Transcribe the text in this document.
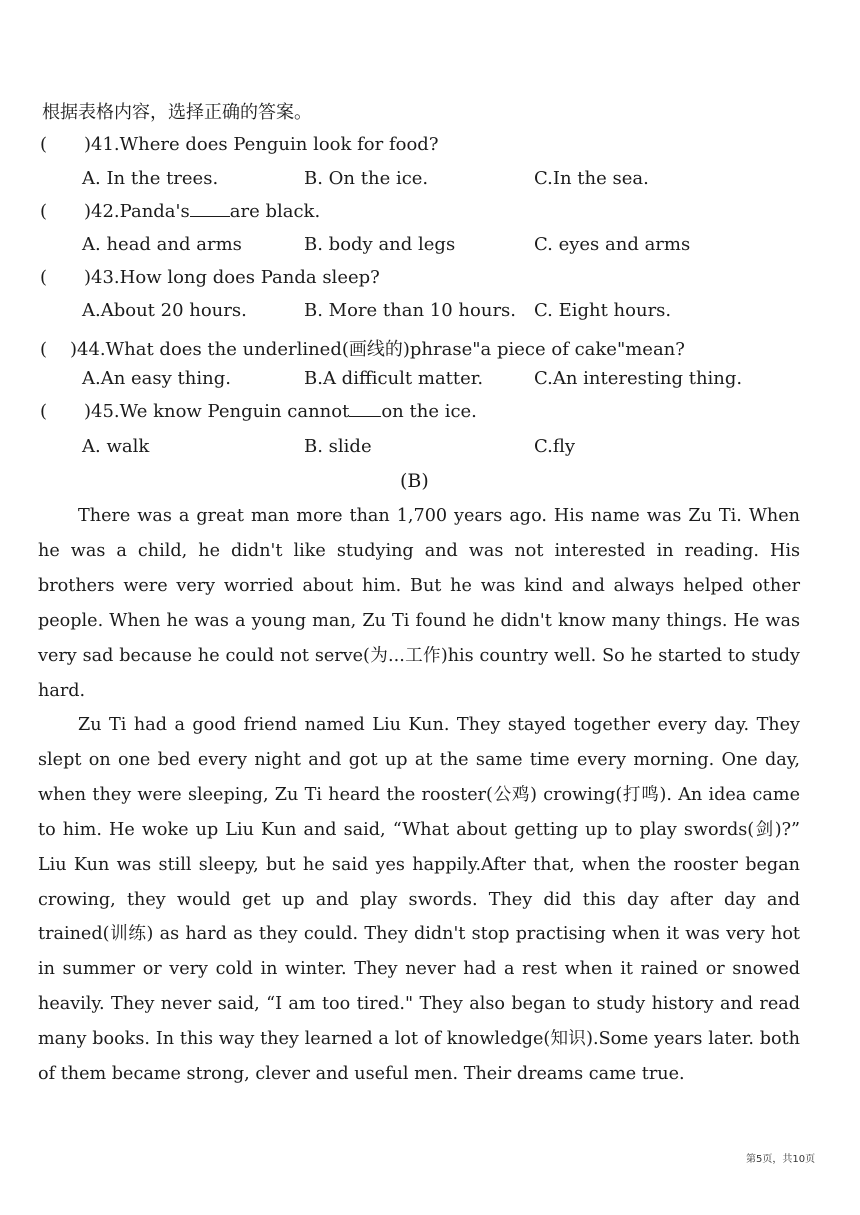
根据表格内容，选择正确的答案。
( )41.Where does Penguin look for food?
A. In the trees.	B. On the ice.	C.In the sea.
( )42.Panda's are black.
A. head and arms	B. body and legs	C. eyes and arms
( )43.How long does Panda sleep?
A.About 20 hours.	B. More than 10 hours. C. Eight hours.
( )44.What does the underlined(画线的)phrase"a piece of cake"mean?
A.An easy thing.	B.A difficult matter.	C.An interesting thing.
( )45.We know Penguin cannot on the ice.
A. walk	B. slide	C.fly
(B)

There was a great man more than 1,700 years ago. His name was Zu Ti. When he was a child, he didn't like studying and was not interested in reading. His brothers were very worried about him. But he was kind and always helped other people. When he was a young man, Zu Ti found he didn't know many things. He was very sad because he could not serve(为...工作)his country well. So he started to study hard.

Zu Ti had a good friend named Liu Kun. They stayed together every day. They slept on one bed every night and got up at the same time every morning. One day, when they were sleeping, Zu Ti heard the rooster(公鸡) crowing(打鸣). An idea came to him. He woke up Liu Kun and said, “What about getting up to play swords(剑)?” Liu Kun was still sleepy, but he said yes happily.After that, when the rooster began crowing, they would get up and play swords. They did this day after day and trained(训练) as hard as they could. They didn't stop practising when it was very hot in summer or very cold in winter. They never had a rest when it rained or snowed heavily. They never said, “I am too tired." They also began to study history and read many books. In this way they learned a lot of knowledge(知识).Some years later. both of them became strong, clever and useful men. Their dreams came true.

第5页，共10页
